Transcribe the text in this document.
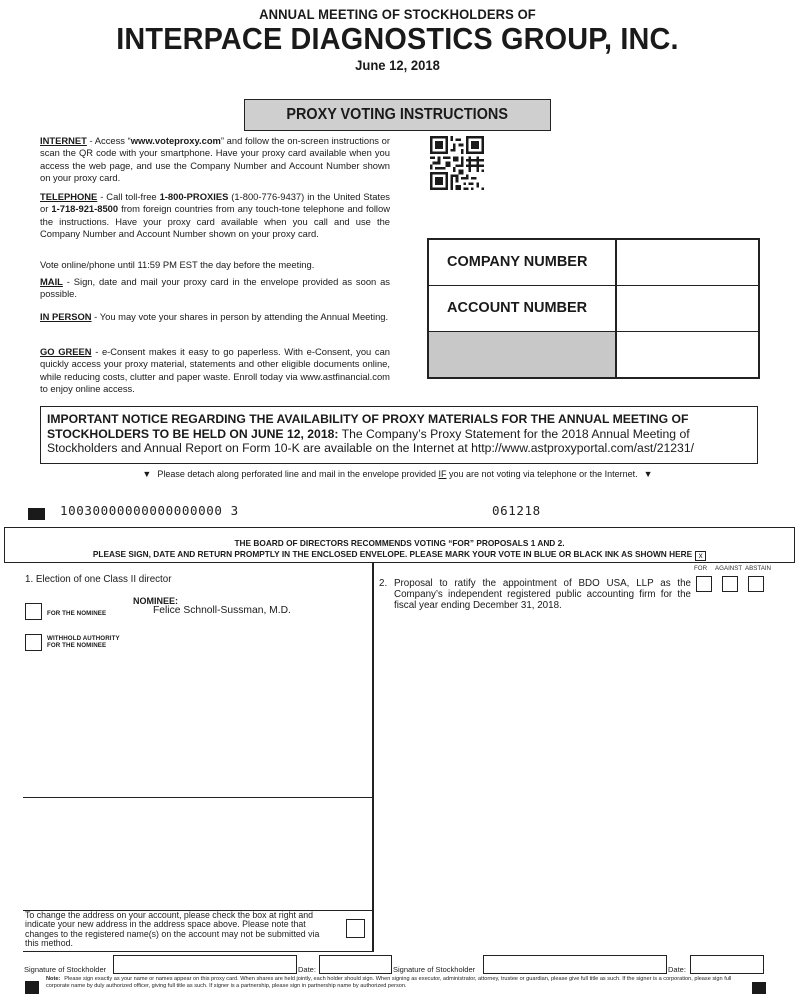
ANNUAL MEETING OF STOCKHOLDERS OF
INTERPACE DIAGNOSTICS GROUP, INC.
June 12, 2018
PROXY VOTING INSTRUCTIONS
INTERNET - Access “www.voteproxy.com” and follow the on-screen instructions or scan the QR code with your smartphone. Have your proxy card available when you access the web page, and use the Company Number and Account Number shown on your proxy card.
TELEPHONE - Call toll-free 1-800-PROXIES (1-800-776-9437) in the United States or 1-718-921-8500 from foreign countries from any touch-tone telephone and follow the instructions. Have your proxy card available when you call and use the Company Number and Account Number shown on your proxy card.
Vote online/phone until 11:59 PM EST the day before the meeting.
MAIL - Sign, date and mail your proxy card in the envelope provided as soon as possible.
IN PERSON - You may vote your shares in person by attending the Annual Meeting.
GO GREEN - e-Consent makes it easy to go paperless. With e-Consent, you can quickly access your proxy material, statements and other eligible documents online, while reducing costs, clutter and paper waste. Enroll today via www.astfinancial.com to enjoy online access.
COMPANY NUMBER
ACCOUNT NUMBER
IMPORTANT NOTICE REGARDING THE AVAILABILITY OF PROXY MATERIALS FOR THE ANNUAL MEETING OF STOCKHOLDERS TO BE HELD ON JUNE 12, 2018: The Company’s Proxy Statement for the 2018 Annual Meeting of Stockholders and Annual Report on Form 10-K are available on the Internet at http://www.astproxyportal.com/ast/21231/
▼ Please detach along perforated line and mail in the envelope provided IF you are not voting via telephone or the Internet. ▼
10030000000000000000 3	061218
THE BOARD OF DIRECTORS RECOMMENDS VOTING “FOR” PROPOSALS 1 AND 2.
PLEASE SIGN, DATE AND RETURN PROMPTLY IN THE ENCLOSED ENVELOPE. PLEASE MARK YOUR VOTE IN BLUE OR BLACK INK AS SHOWN HERE x
1. Election of one Class II director
NOMINEE:
Felice Schnoll-Sussman, M.D.
FOR THE NOMINEE
WITHHOLD AUTHORITY
FOR THE NOMINEE
2. Proposal to ratify the appointment of BDO USA, LLP as the Company’s independent registered public accounting firm for the fiscal year ending December 31, 2018.
FOR AGAINST ABSTAIN
To change the address on your account, please check the box at right and indicate your new address in the address space above. Please note that changes to the registered name(s) on the account may not be submitted via this method.
Signature of Stockholder	Date:	Signature of Stockholder	Date:
Note: Please sign exactly as your name or names appear on this proxy card. When shares are held jointly, each holder should sign. When signing as executor, administrator, attorney, trustee or guardian, please give full title as such. If the signer is a corporation, please sign full corporate name by duly authorized officer, giving full title as such. If signer is a partnership, please sign in partnership name by authorized person.
